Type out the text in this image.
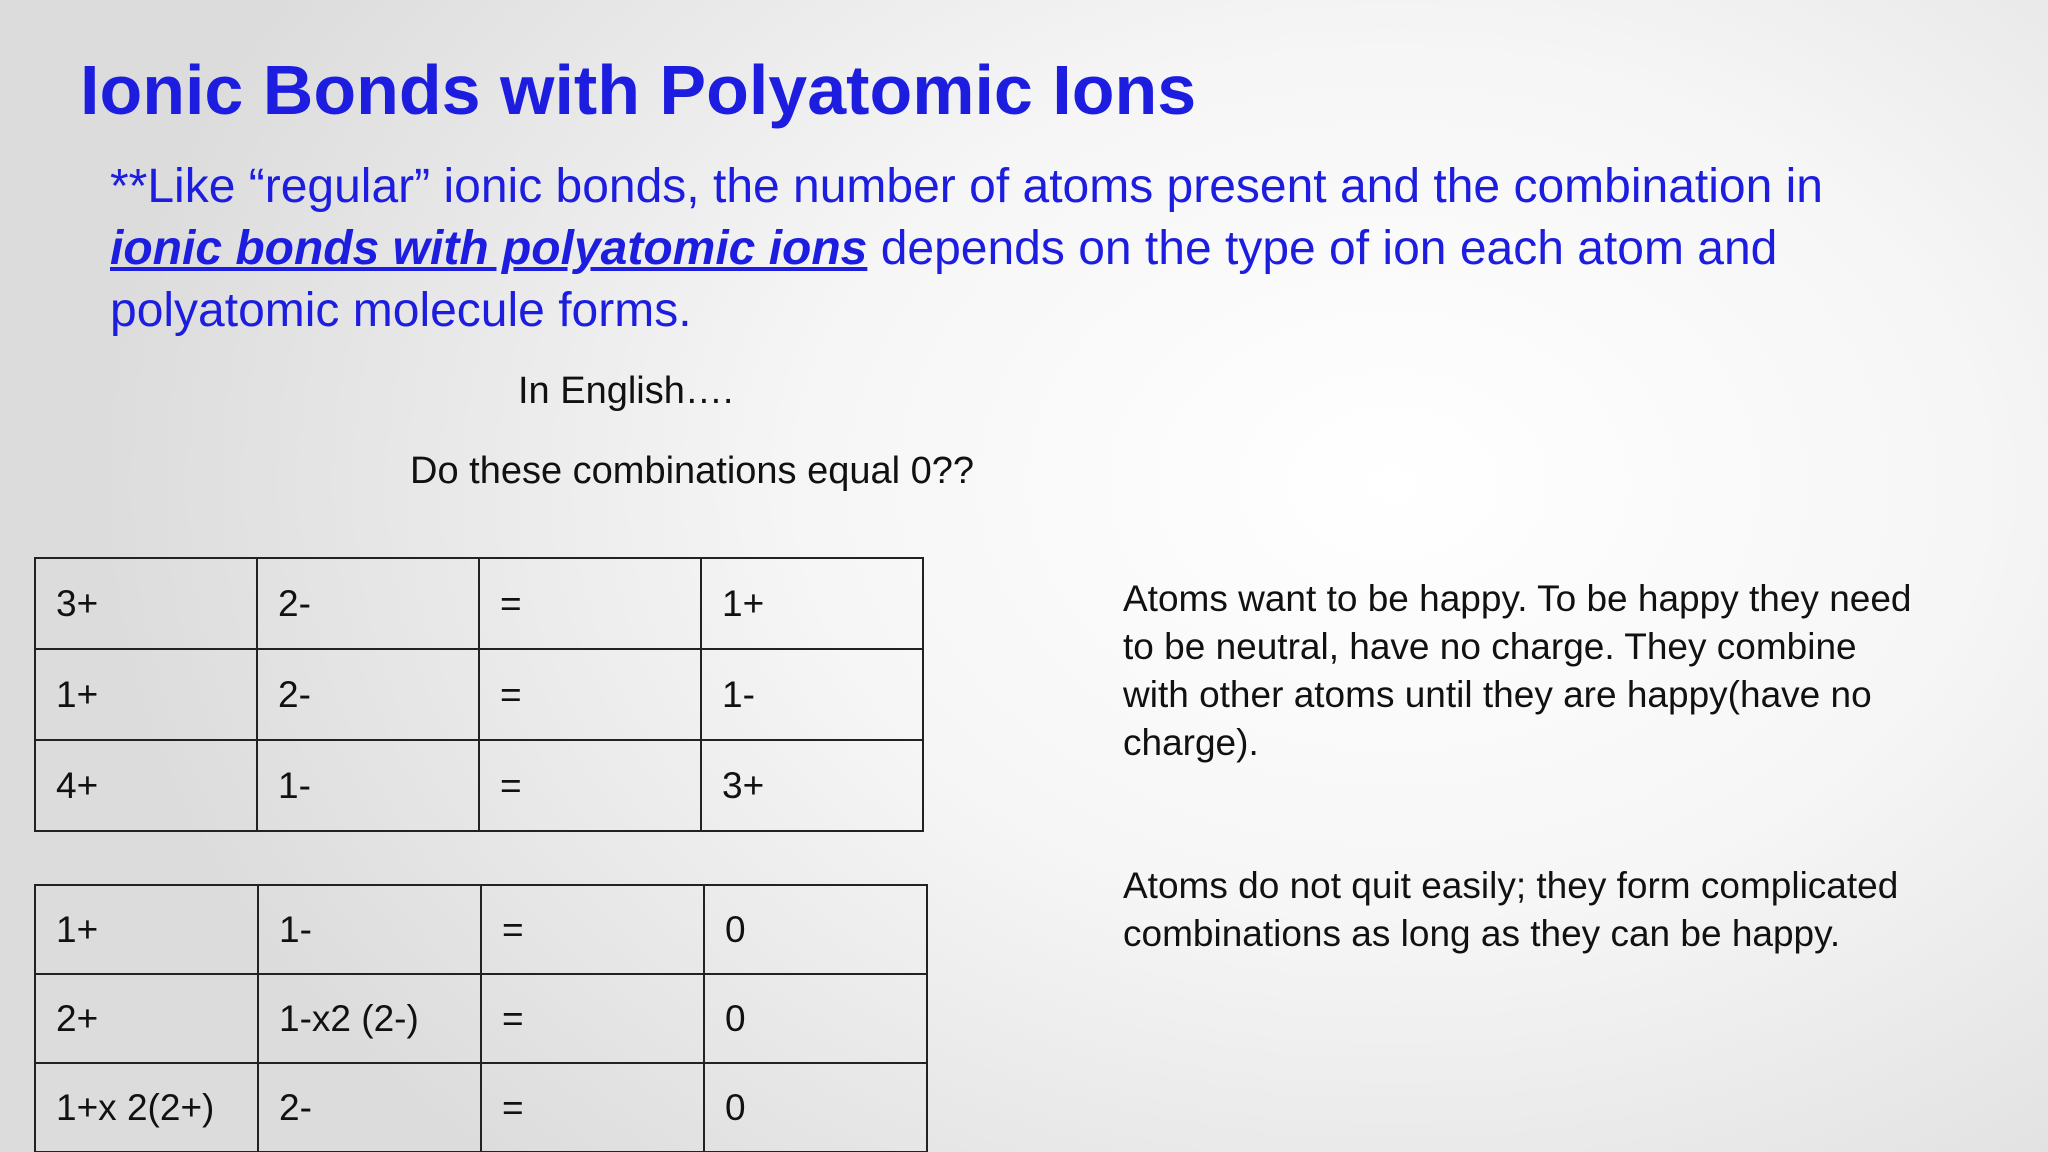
Ionic Bonds with Polyatomic Ions

**Like “regular” ionic bonds, the number of atoms present and the combination in ionic bonds with polyatomic ions depends on the type of ion each atom and polyatomic molecule forms.

In English….
Do these combinations equal 0??
3+	2-	=	1+
1+	2-	=	1-
4+	1-	=	3+
1+	1-	=	0
2+	1-x2 (2-)	=	0
1+x 2(2+)	2-	=	0

Atoms want to be happy. To be happy they need to be neutral, have no charge. They combine with other atoms until they are happy(have no charge).

Atoms do not quit easily; they form complicated combinations as long as they can be happy.
